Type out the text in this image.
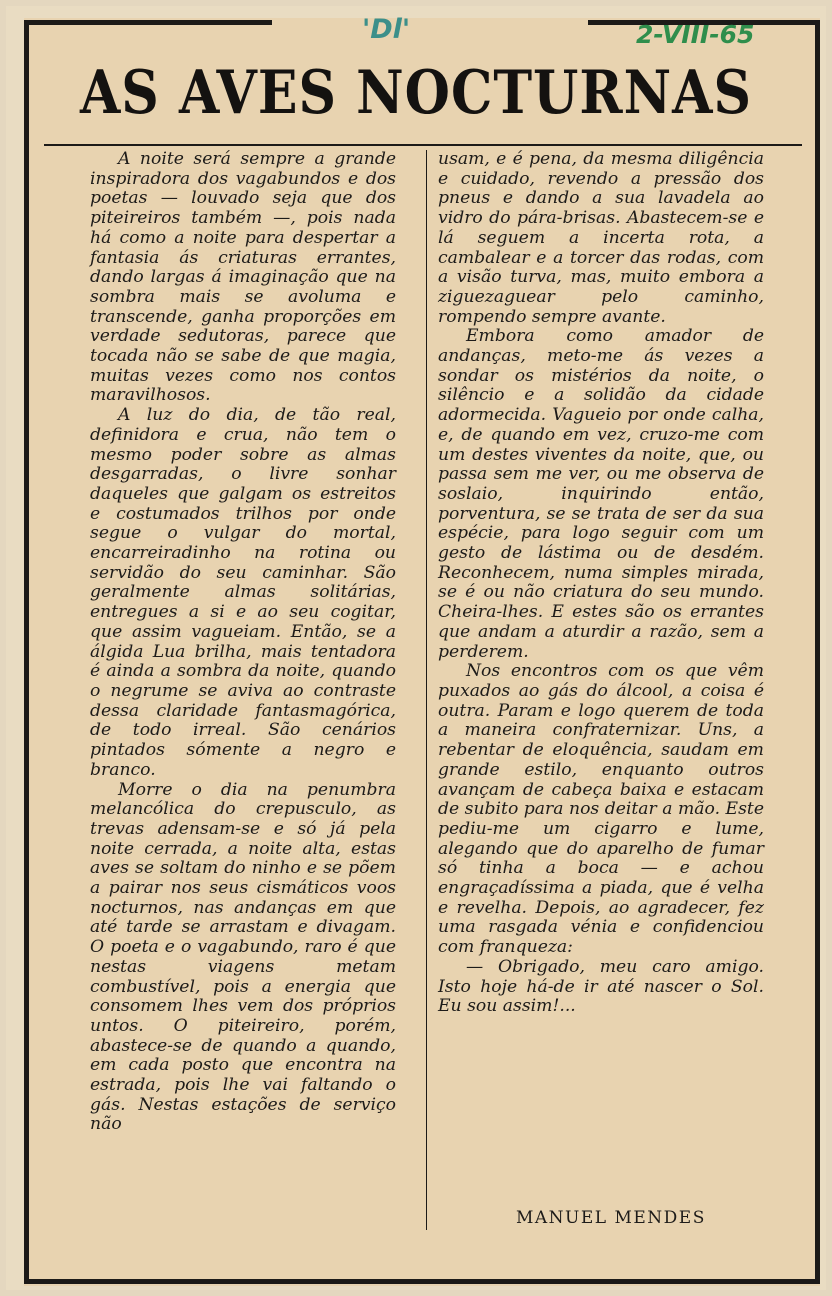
'Dl'	2-VIII-65
AS AVES NOCTURNAS

A noite será sempre a grande inspiradora dos vagabundos e dos poetas — louvado seja que dos piteireiros também —, pois nada há como a noite para despertar a fantasia ás criaturas errantes, dando largas á imaginação que na sombra mais se avoluma e transcende, ganha proporções em verdade sedutoras, parece que tocada não se sabe de que magia, muitas vezes como nos contos maravilhosos.

A luz do dia, de tão real, definidora e crua, não tem o mesmo poder sobre as almas desgarradas, o livre sonhar daqueles que galgam os estreitos e costumados trilhos por onde segue o vulgar do mortal, encarreiradinho na rotina ou servidão do seu caminhar. São geralmente almas solitárias, entregues a si e ao seu cogitar, que assim vagueiam. Então, se a álgida Lua brilha, mais tentadora é ainda a sombra da noite, quando o negrume se aviva ao contraste dessa claridade fantasmagórica, de todo irreal. São cenários pintados sómente a negro e branco.

Morre o dia na penumbra melancólica do crepusculo, as trevas adensam-se e só já pela noite cerrada, a noite alta, estas aves se soltam do ninho e se põem a pairar nos seus cismáticos voos nocturnos, nas andanças em que até tarde se arrastam e divagam. O poeta e o vagabundo, raro é que nestas viagens metam combustível, pois a energia que consomem lhes vem dos próprios untos. O piteireiro, porém, abastece-se de quando a quando, em cada posto que encontra na estrada, pois lhe vai faltando o gás. Nestas estações de serviço não

usam, e é pena, da mesma diligência e cuidado, revendo a pressão dos pneus e dando a sua lavadela ao vidro do pára-brisas. Abastecem-se e lá seguem a incerta rota, a cambalear e a torcer das rodas, com a visão turva, mas, muito embora a ziguezaguear pelo caminho, rompendo sempre avante.

Embora como amador de andanças, meto-me ás vezes a sondar os mistérios da noite, o silêncio e a solidão da cidade adormecida. Vagueio por onde calha, e, de quando em vez, cruzo-me com um destes viventes da noite, que, ou passa sem me ver, ou me observa de soslaio, inquirindo então, porventura, se se trata de ser da sua espécie, para logo seguir com um gesto de lástima ou de desdém. Reconhecem, numa simples mirada, se é ou não criatura do seu mundo. Cheira-lhes. E estes são os errantes que andam a aturdir a razão, sem a perderem.

Nos encontros com os que vêm puxados ao gás do álcool, a coisa é outra. Param e logo querem de toda a maneira confraternizar. Uns, a rebentar de eloquência, saudam em grande estilo, enquanto outros avançam de cabeça baixa e estacam de subito para nos deitar a mão. Este pediu-me um cigarro e lume, alegando que do aparelho de fumar só tinha a boca — e achou engraçadíssima a piada, que é velha e revelha. Depois, ao agradecer, fez uma rasgada vénia e confidenciou com franqueza:

— Obrigado, meu caro amigo. Isto hoje há-de ir até nascer o Sol. Eu sou assim!...

MANUEL MENDES
